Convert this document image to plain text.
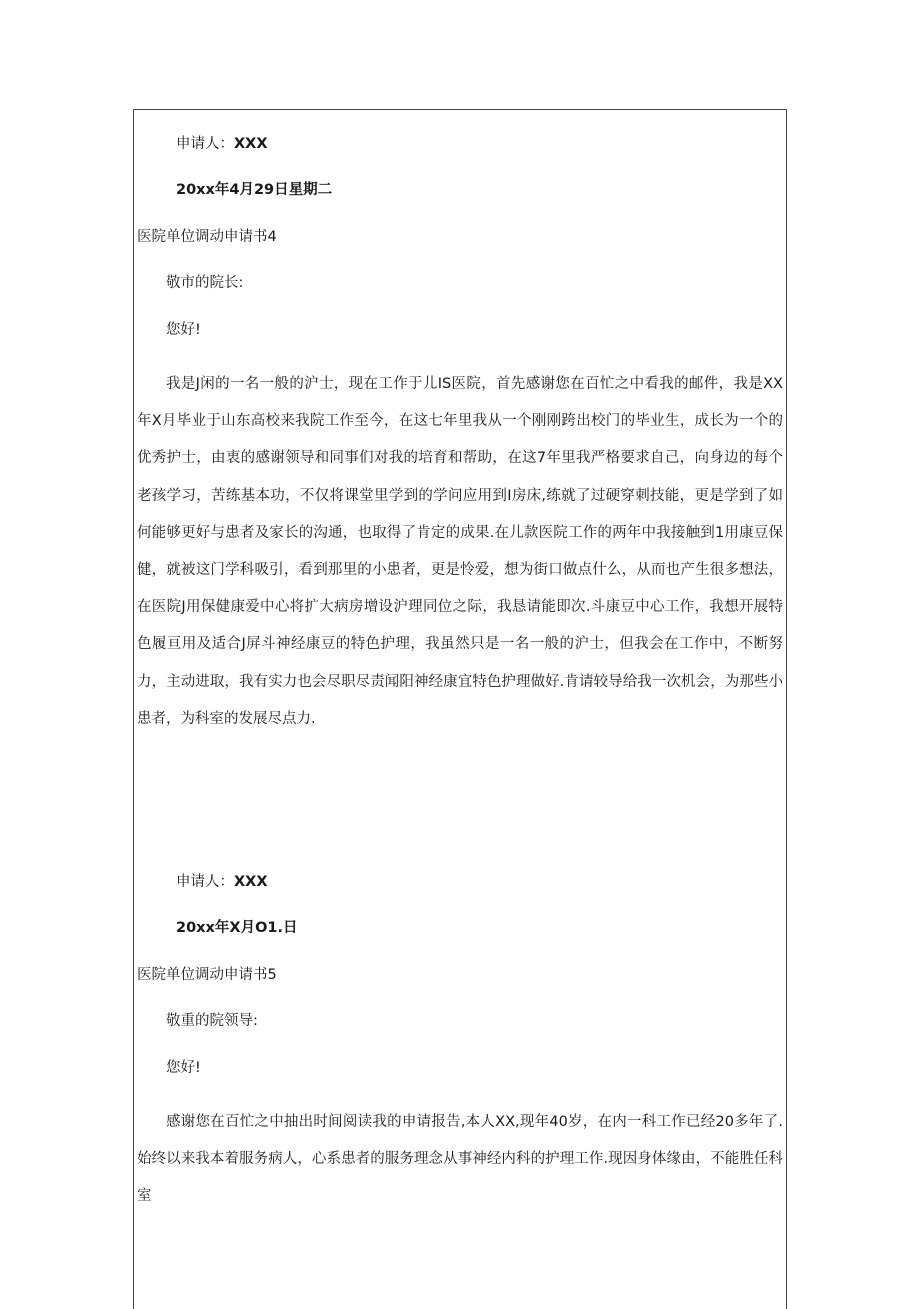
申请人：XXX
20xx年4月29日星期二
医院单位调动申请书4
敬市的院长:
您好!
我是J闲的一名一般的沪士，现在工作于儿IS医院，首先感谢您在百忙之中看我的邮件，我是XX年X月毕业于山东高校来我院工作至今，在这七年里我从一个刚刚跨出校门的毕业生，成长为一个的优秀护士，由衷的感谢领导和同事们对我的培育和帮助，在这7年里我严格要求自己，向身边的每个老孩学习，苦练基本功，不仅将课堂里学到的学问应用到I房床,练就了过硬穿刺技能，更是学到了如何能够更好与患者及家长的沟通，也取得了肯定的成果.在儿款医院工作的两年中我接触到1用康豆保健，就被这门学科吸引，看到那里的小患者，更是怜爱，想为街口做点什么，从而也产生很多想法，在医院J用保健康爱中心将扩大病房增设沪理同位之际，我恳请能即次.斗康豆中心工作，我想开展特色履亘用及适合J屏斗神经康豆的特色护理，我虽然只是一名一般的沪士，但我会在工作中，不断努力，主动进取，我有实力也会尽职尽责闻阳神经康宜特色护理做好.肯请较导给我一次机会，为那些小患者，为科室的发展尽点力.
申请人：XXX
20xx年X月O1.日
医院单位调动申请书5
敬重的院领导:
您好!
感谢您在百忙之中抽出时间阅读我的申请报告,本人XX,现年40岁，在内一科工作已经20多年了.始终以来我本着服务病人，心系患者的服务理念从事神经内科的护理工作.现因身体缘由，不能胜任科室
